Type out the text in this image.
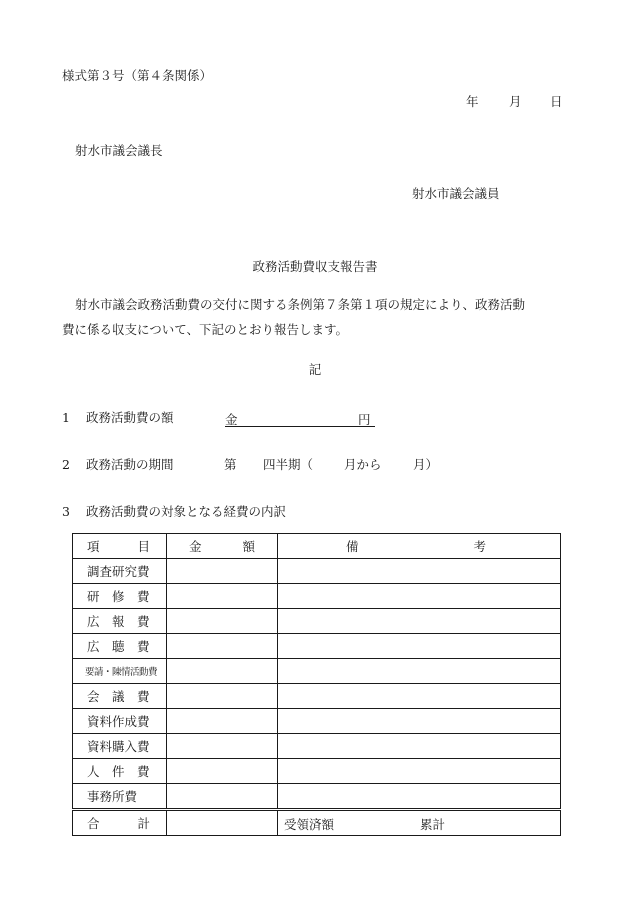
様式第３号（第４条関係）
年 月 日
射水市議会議長
射水市議会議員
政務活動費収支報告書
射水市議会政務活動費の交付に関する条例第７条第１項の規定により、政務活動
費に係る収支について、下記のとおり報告します。
記
1 政務活動費の額	金	円
2 政務活動の期間	第 四半期（ 月から	月）
3 政務活動費の対象となる経費の内訳
項 目	金 額	備 考

調査研究費		
研　修　費		
広　報　費		
広　聴　費		
要請・陳情活動費		
会　議　費		
資料作成費		
資料購入費		
人　件　費		
事務所費		

合 計		受領済額 累計
